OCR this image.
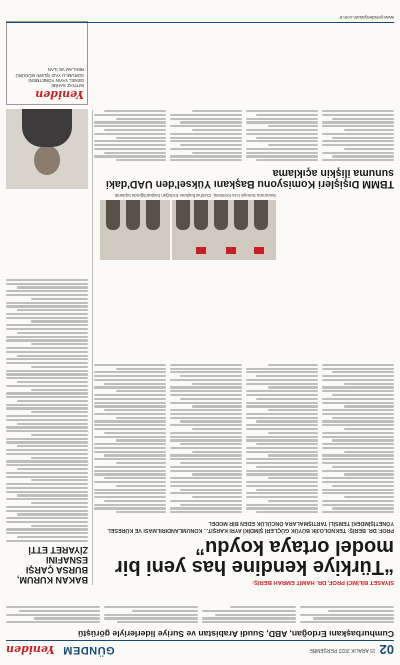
02
15 ARALIK 2022 PERŞEMBE
GÜNDEM
Yeniden
Cumhurbaşkanı Erdoğan, ABD, Suudi Arabistan ve Suriye liderleriyle görüştü
SİYASET BİLİMCİ PROF. DR. HAMİT EMRAH BERİŞ:
“Türkiye kendine has yeni bir model ortaya koydu”
PROF. DR. BERİŞ: TEKNOLOJİK BÜYÜK GÜÇLERİ ŞİMDİKİ AYRI KARŞIT... KONUMLANDIRILMASI VE KÜRESEL YÖNETİŞİMDEKİ TEMSİLİ TARTIŞMALARA ÖNCÜLÜK EDEN BİR MODEL
BAKAN KURUM, BURSA ÇARŞI ESNAFINI ZİYARET ETTİ
Savunma Sanayii İcra Komitesi, Cumhurbaşkanı Erdoğan başkanlığında toplandı
TBMM Dışişleri Komisyonu Başkanı Yüksel'den UAD'daki sunuma ilişkin açıklama
Yeniden
İMTİYAZ SAHİBİ
GENEL YAYIN YÖNETMENİ
SORUMLU YAZI İŞLERİ MÜDÜRÜ
REKLAM VE İLAN
www.yenidenyasam.com.tr
